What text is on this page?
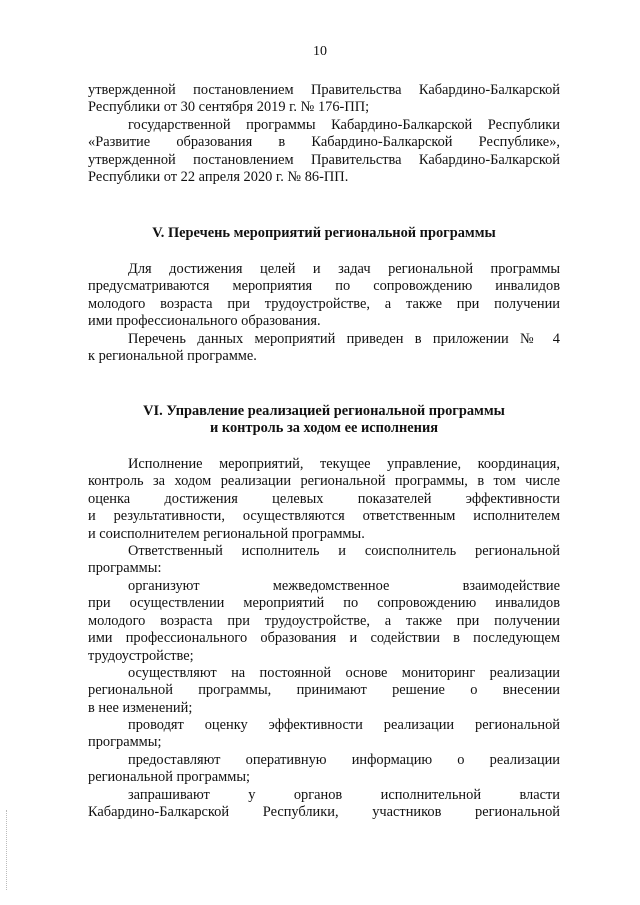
10
утвержденной постановлением Правительства Кабардино-Балкарской
Республики от 30 сентября 2019 г. № 176-ПП;
государственной программы Кабардино-Балкарской Республики
«Развитие образования в Кабардино-Балкарской Республике»,
утвержденной постановлением Правительства Кабардино-Балкарской
Республики от 22 апреля 2020 г. № 86-ПП.
V. Перечень мероприятий региональной программы
Для достижения целей и задач региональной программы
предусматриваются мероприятия по сопровождению инвалидов
молодого возраста при трудоустройстве, а также при получении
ими профессионального образования.
Перечень данных мероприятий приведен в приложении № 4
к региональной программе.
VI. Управление реализацией региональной программы
и контроль за ходом ее исполнения
Исполнение мероприятий, текущее управление, координация,
контроль за ходом реализации региональной программы, в том числе
оценка достижения целевых показателей эффективности
и результативности, осуществляются ответственным исполнителем
и соисполнителем региональной программы.
Ответственный исполнитель и соисполнитель региональной
программы:
организуют межведомственное взаимодействие
при осуществлении мероприятий по сопровождению инвалидов
молодого возраста при трудоустройстве, а также при получении
ими профессионального образования и содействии в последующем
трудоустройстве;
осуществляют на постоянной основе мониторинг реализации
региональной программы, принимают решение о внесении
в нее изменений;
проводят оценку эффективности реализации региональной
программы;
предоставляют оперативную информацию о реализации
региональной программы;
запрашивают у органов исполнительной власти
Кабардино-Балкарской Республики, участников региональной
